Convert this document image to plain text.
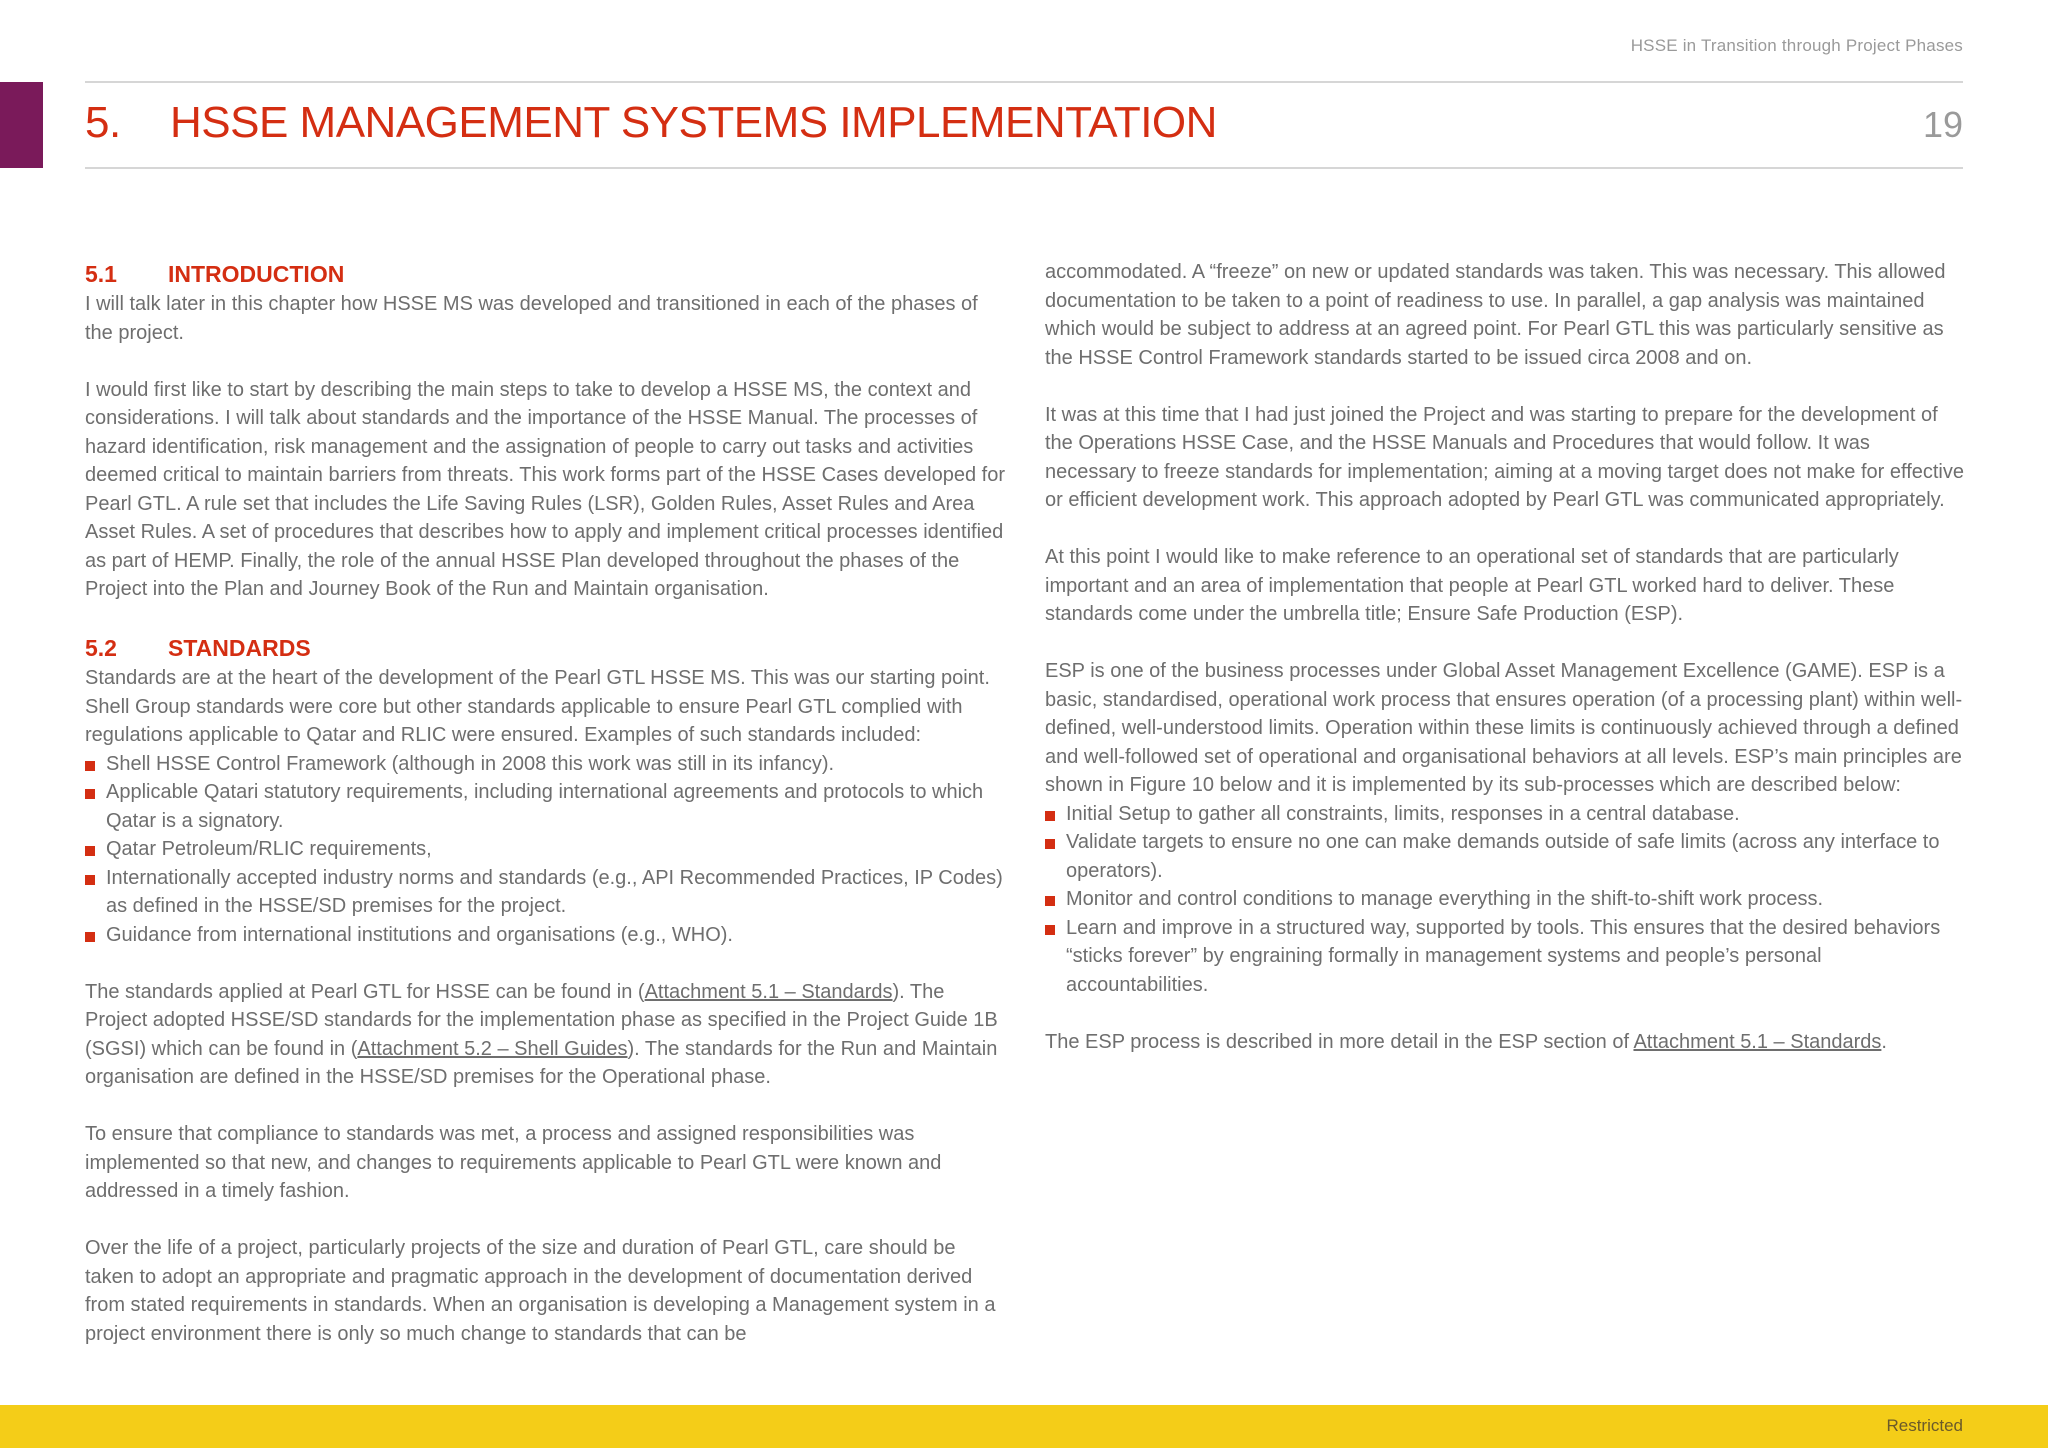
HSSE in Transition through Project Phases
5.	HSSE MANAGEMENT SYSTEMS IMPLEMENTATION	19
5.1	INTRODUCTION

I will talk later in this chapter how HSSE MS was developed and transitioned in each of the phases of the project.

I would first like to start by describing the main steps to take to develop a HSSE MS, the context and considerations. I will talk about standards and the importance of the HSSE Manual. The processes of hazard identification, risk management and the assignation of people to carry out tasks and activities deemed critical to maintain barriers from threats. This work forms part of the HSSE Cases developed for Pearl GTL. A rule set that includes the Life Saving Rules (LSR), Golden Rules, Asset Rules and Area Asset Rules. A set of procedures that describes how to apply and implement critical processes identified as part of HEMP. Finally, the role of the annual HSSE Plan developed throughout the phases of the Project into the Plan and Journey Book of the Run and Maintain organisation.

5.2	STANDARDS

Standards are at the heart of the development of the Pearl GTL HSSE MS. This was our starting point. Shell Group standards were core but other standards applicable to ensure Pearl GTL complied with regulations applicable to Qatar and RLIC were ensured. Examples of such standards included:

Shell HSSE Control Framework (although in 2008 this work was still in its infancy).
Applicable Qatari statutory requirements, including international agreements and protocols to which Qatar is a signatory.
Qatar Petroleum/RLIC requirements,
Internationally accepted industry norms and standards (e.g., API Recommended Practices, IP Codes) as defined in the HSSE/SD premises for the project.
Guidance from international institutions and organisations (e.g., WHO).

The standards applied at Pearl GTL for HSSE can be found in (Attachment 5.1 – Standards). The Project adopted HSSE/SD standards for the implementation phase as specified in the Project Guide 1B (SGSI) which can be found in (Attachment 5.2 – Shell Guides). The standards for the Run and Maintain organisation are defined in the HSSE/SD premises for the Operational phase.

To ensure that compliance to standards was met, a process and assigned responsibilities was implemented so that new, and changes to requirements applicable to Pearl GTL were known and addressed in a timely fashion.

Over the life of a project, particularly projects of the size and duration of Pearl GTL, care should be taken to adopt an appropriate and pragmatic approach in the development of documentation derived from stated requirements in standards. When an organisation is developing a Management system in a project environment there is only so much change to standards that can be

accommodated. A “freeze” on new or updated standards was taken. This was necessary. This allowed documentation to be taken to a point of readiness to use. In parallel, a gap analysis was maintained which would be subject to address at an agreed point. For Pearl GTL this was particularly sensitive as the HSSE Control Framework standards started to be issued circa 2008 and on.

It was at this time that I had just joined the Project and was starting to prepare for the development of the Operations HSSE Case, and the HSSE Manuals and Procedures that would follow. It was necessary to freeze standards for implementation; aiming at a moving target does not make for effective or efficient development work. This approach adopted by Pearl GTL was communicated appropriately.

At this point I would like to make reference to an operational set of standards that are particularly important and an area of implementation that people at Pearl GTL worked hard to deliver. These standards come under the umbrella title; Ensure Safe Production (ESP).

ESP is one of the business processes under Global Asset Management Excellence (GAME). ESP is a basic, standardised, operational work process that ensures operation (of a processing plant) within well-defined, well-understood limits. Operation within these limits is continuously achieved through a defined and well-followed set of operational and organisational behaviors at all levels. ESP’s main principles are shown in Figure 10 below and it is implemented by its sub-processes which are described below:

Initial Setup to gather all constraints, limits, responses in a central database.
Validate targets to ensure no one can make demands outside of safe limits (across any interface to operators).
Monitor and control conditions to manage everything in the shift-to-shift work process.
Learn and improve in a structured way, supported by tools. This ensures that the desired behaviors “sticks forever” by engraining formally in management systems and people’s personal accountabilities.

The ESP process is described in more detail in the ESP section of Attachment 5.1 – Standards.

Restricted
